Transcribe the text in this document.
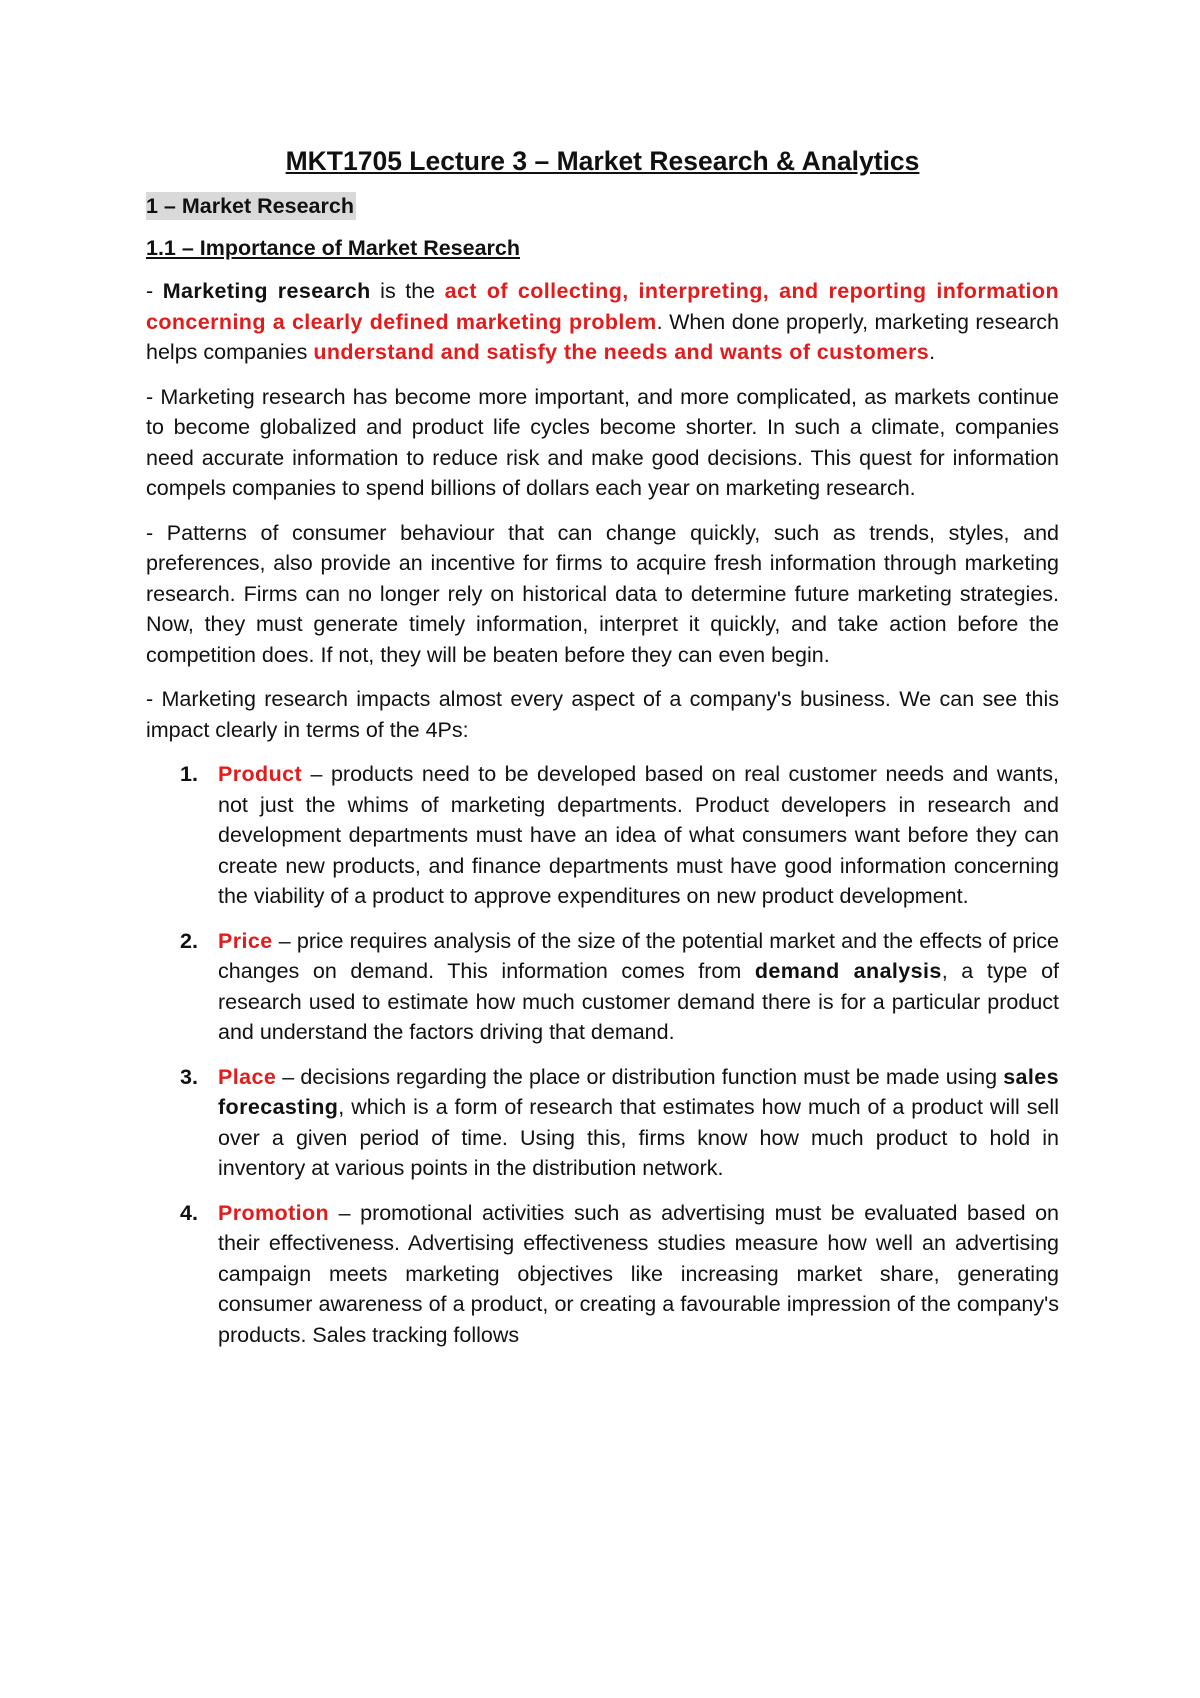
MKT1705 Lecture 3 – Market Research & Analytics
1 – Market Research
1.1 – Importance of Market Research

- Marketing research is the act of collecting, interpreting, and reporting information concerning a clearly defined marketing problem. When done properly, marketing research helps companies understand and satisfy the needs and wants of customers.

- Marketing research has become more important, and more complicated, as markets continue to become globalized and product life cycles become shorter. In such a climate, companies need accurate information to reduce risk and make good decisions. This quest for information compels companies to spend billions of dollars each year on marketing research.

- Patterns of consumer behaviour that can change quickly, such as trends, styles, and preferences, also provide an incentive for firms to acquire fresh information through marketing research. Firms can no longer rely on historical data to determine future marketing strategies. Now, they must generate timely information, interpret it quickly, and take action before the competition does. If not, they will be beaten before they can even begin.

- Marketing research impacts almost every aspect of a company's business. We can see this impact clearly in terms of the 4Ps:

1. Product – products need to be developed based on real customer needs and wants, not just the whims of marketing departments. Product developers in research and development departments must have an idea of what consumers want before they can create new products, and finance departments must have good information concerning the viability of a product to approve expenditures on new product development.
2. Price – price requires analysis of the size of the potential market and the effects of price changes on demand. This information comes from demand analysis, a type of research used to estimate how much customer demand there is for a particular product and understand the factors driving that demand.
3. Place – decisions regarding the place or distribution function must be made using sales forecasting, which is a form of research that estimates how much of a product will sell over a given period of time. Using this, firms know how much product to hold in inventory at various points in the distribution network.
4. Promotion – promotional activities such as advertising must be evaluated based on their effectiveness. Advertising effectiveness studies measure how well an advertising campaign meets marketing objectives like increasing market share, generating consumer awareness of a product, or creating a favourable impression of the company's products. Sales tracking follows
